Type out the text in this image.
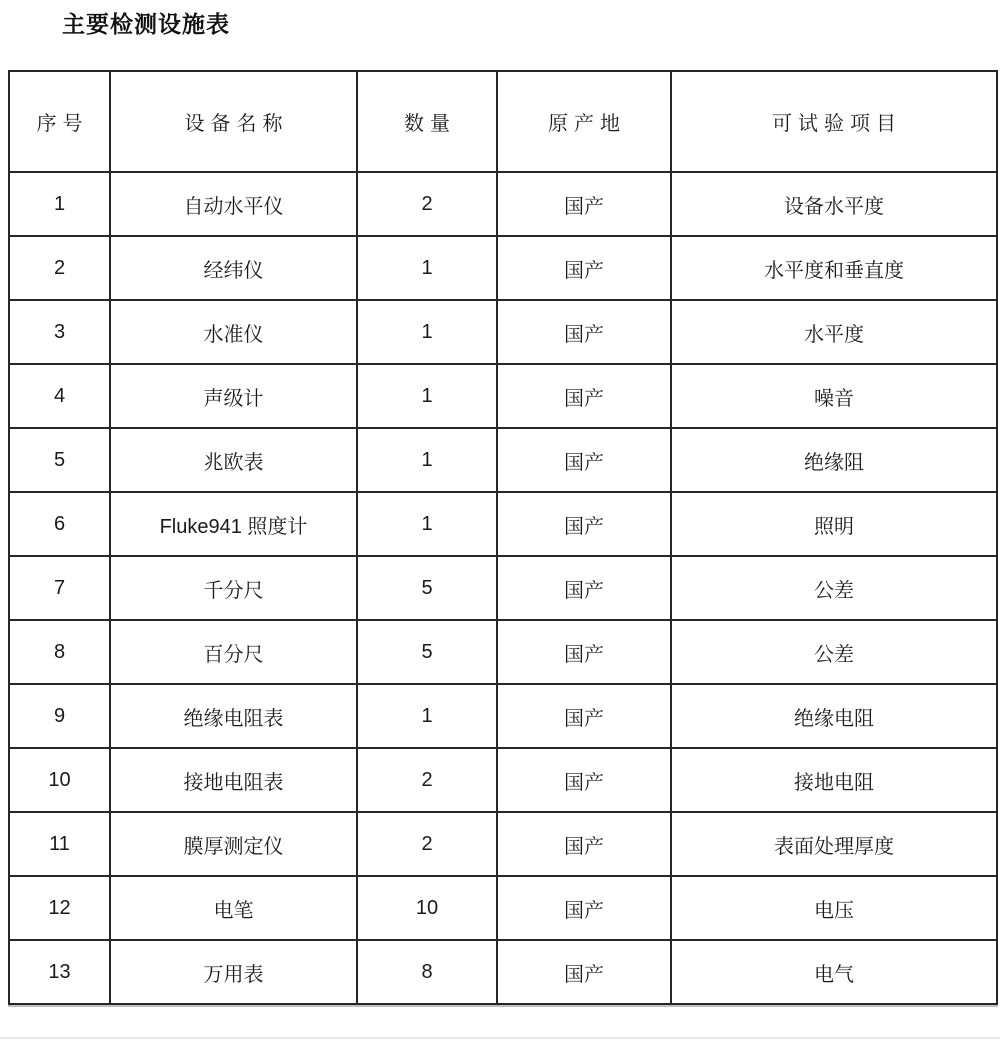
主要检测设施表
序号	设备名称	数量	原产地	可试验项目
1	自动水平仪	2	国产	设备水平度
2	经纬仪	1	国产	水平度和垂直度
3	水准仪	1	国产	水平度
4	声级计	1	国产	噪音
5	兆欧表	1	国产	绝缘阻
6	Fluke941 照度计	1	国产	照明
7	千分尺	5	国产	公差
8	百分尺	5	国产	公差
9	绝缘电阻表	1	国产	绝缘电阻
10	接地电阻表	2	国产	接地电阻
11	膜厚测定仪	2	国产	表面处理厚度
12	电笔	10	国产	电压
13	万用表	8	国产	电气
